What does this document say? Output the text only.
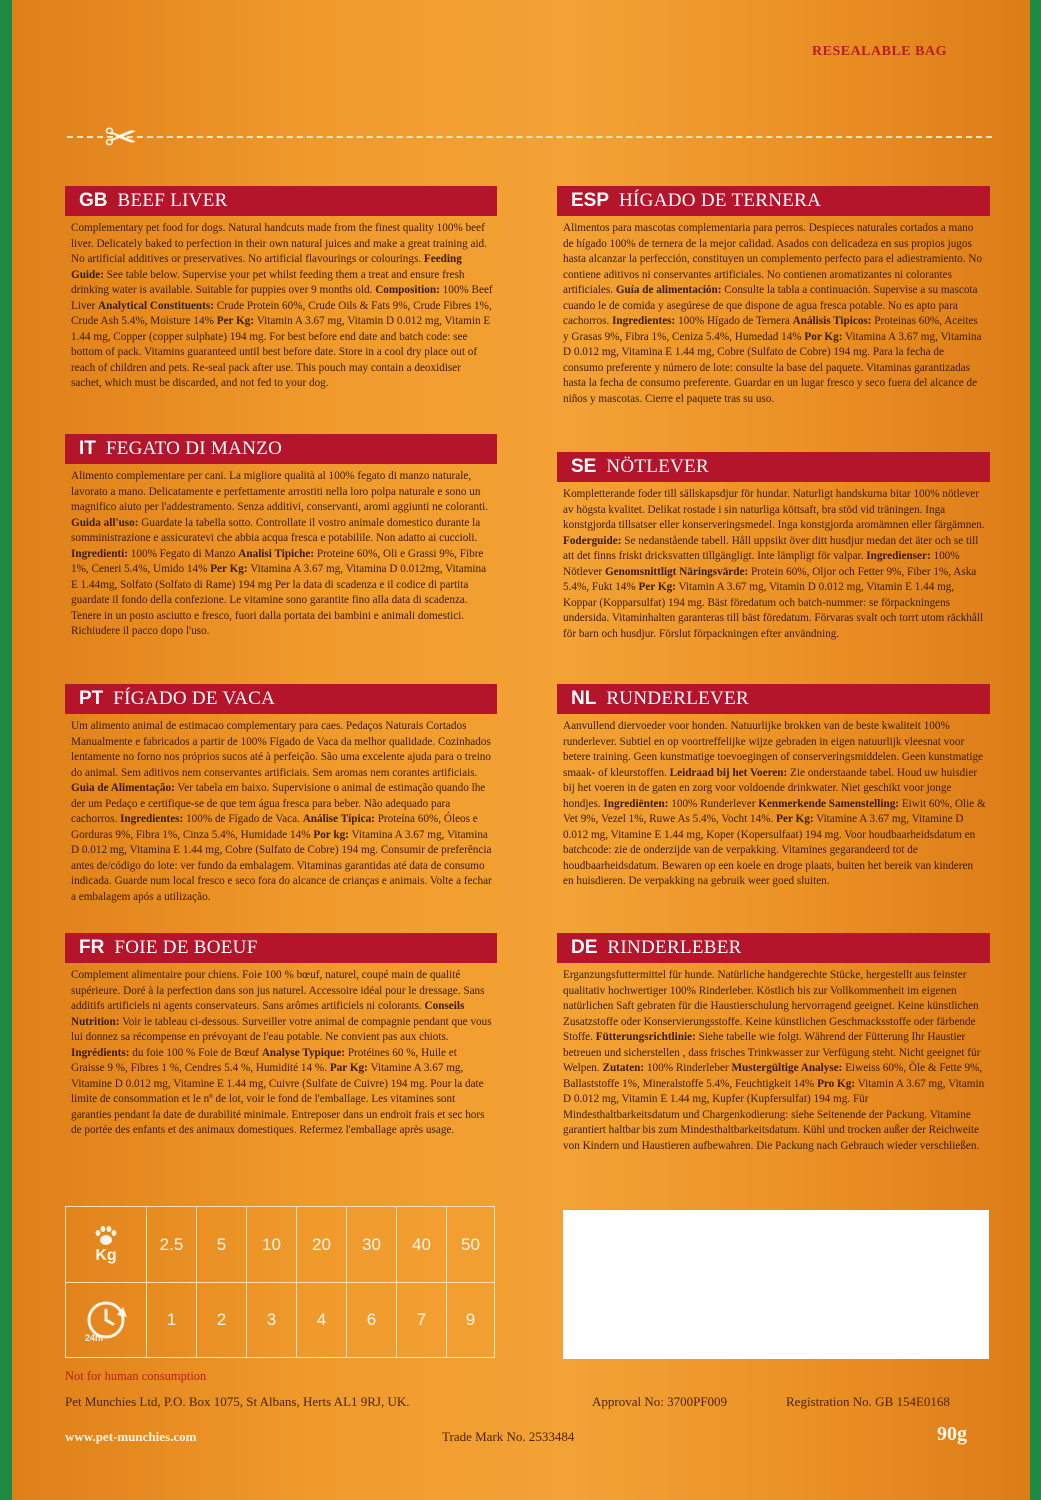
RESEALABLE BAG
✂
GB BEEF LIVER
Complementary pet food for dogs. Natural handcuts made from the finest quality 100% beef liver. Delicately baked to perfection in their own natural juices and make a great training aid. No artificial additives or preservatives. No artificial flavourings or colourings. Feeding Guide: See table below. Supervise your pet whilst feeding them a treat and ensure fresh drinking water is available. Suitable for puppies over 9 months old. Composition: 100% Beef Liver Analytical Constituents: Crude Protein 60%, Crude Oils & Fats 9%, Crude Fibres 1%, Crude Ash 5.4%, Moisture 14% Per Kg: Vitamin A 3.67 mg, Vitamin D 0.012 mg, Vitamin E 1.44 mg, Copper (copper sulphate) 194 mg. For best before end date and batch code: see bottom of pack. Vitamins guaranteed until best before date. Store in a cool dry place out of reach of children and pets. Re-seal pack after use. This pouch may contain a deoxidiser sachet, which must be discarded, and not fed to your dog.
IT FEGATO DI MANZO
Alimento complementare per cani. La migliore qualità al 100% fegato di manzo naturale, lavorato a mano. Delicatamente e perfettamente arrostiti nella loro polpa naturale e sono un magnifico aiuto per l'addestramento. Senza additivi, conservanti, aromi aggiunti ne coloranti. Guida all'uso: Guardate la tabella sotto. Controllate il vostro animale domestico durante la somministrazione e assicuratevi che abbia acqua fresca e potabilile. Non adatto ai cuccioli. Ingredienti: 100% Fegato di Manzo Analisi Tipiche: Proteine 60%, Oli e Grassi 9%, Fibre 1%, Ceneri 5.4%, Umido 14% Per Kg: Vitamina A 3.67 mg, Vitamina D 0.012mg, Vitamina E 1.44mg, Solfato (Solfato di Rame) 194 mg Per la data di scadenza e il codice di partita guardate il fondo della confezione. Le vitamine sono garantite fino alla data di scadenza. Tenere in un posto asciutto e fresco, fuori dalla portata dei bambini e animali domestici. Richiudere il pacco dopo l'uso.
PT FÍGADO DE VACA
Um alimento animal de estimacao complementary para caes. Pedaços Naturais Cortados Manualmente e fabricados a partir de 100% Fígado de Vaca da melhor qualidade. Cozinhados lentamente no forno nos próprios sucos até à perfeição. São uma excelente ajuda para o treino do animal. Sem aditivos nem conservantes artificiais. Sem aromas nem corantes artificiais. Guia de Alimentação: Ver tabela em baixo. Supervisione o animal de estimação quando lhe der um Pedaço e certifique-se de que tem água fresca para beber. Não adequado para cachorros. Ingredientes: 100% de Fígado de Vaca. Análise Típica: Proteína 60%, Óleos e Gorduras 9%, Fibra 1%, Cinza 5.4%, Humidade 14% Por kg: Vitamina A 3.67 mg, Vitamina D 0.012 mg, Vitamina E 1.44 mg, Cobre (Sulfato de Cobre) 194 mg. Consumir de preferência antes de/código do lote: ver fundo da embalagem. Vitaminas garantidas até data de consumo indicada. Guarde num local fresco e seco fora do alcance de crianças e animais. Volte a fechar a embalagem após a utilização.
FR FOIE DE BOEUF
Complement alimentaire pour chiens. Foie 100 % bœuf, naturel, coupé main de qualité supérieure. Doré à la perfection dans son jus naturel. Accessoire idéal pour le dressage. Sans additifs artificiels ni agents conservateurs. Sans arômes artificiels ni colorants. Conseils Nutrition: Voir le tableau ci-dessous. Surveiller votre animal de compagnie pendant que vous lui donnez sa récompense en prévoyant de l'eau potable. Ne convient pas aux chiots. Ingrédients: du foie 100 % Foie de Bœuf Analyse Typique: Protéines 60 %, Huile et Graisse 9 %, Fibres 1 %, Cendres 5.4 %, Humidité 14 %. Par Kg: Vitamine A 3.67 mg, Vitamine D 0.012 mg, Vitamine E 1.44 mg, Cuivre (Sulfate de Cuivre) 194 mg. Pour la date limite de consommation et le nº de lot, voir le fond de l'emballage. Les vitamines sont garanties pendant la date de durabilité minimale. Entreposer dans un endroit frais et sec hors de portée des enfants et des animaux domestiques. Refermez l'emballage après usage.
ESP HÍGADO DE TERNERA
Alimentos para mascotas complementaria para perros. Despieces naturales cortados a mano de hígado 100% de ternera de la mejor calidad. Asados con delicadeza en sus propios jugos hasta alcanzar la perfección, constituyen un complemento perfecto para el adiestramiento. No contiene aditivos ni conservantes artificiales. No contienen aromatizantes ni colorantes artificiales. Guía de alimentación: Consulte la tabla a continuación. Supervise a su mascota cuando le de comida y asegúrese de que dispone de agua fresca potable. No es apto para cachorros. Ingredientes: 100% Hígado de Ternera Análisis Tipicos: Proteinas 60%, Aceites y Grasas 9%, Fibra 1%, Ceniza 5.4%, Humedad 14% Por Kg: Vitamina A 3.67 mg, Vitamina D 0.012 mg, Vitamina E 1.44 mg, Cobre (Sulfato de Cobre) 194 mg. Para la fecha de consumo preferente y número de lote: consulte la base del paquete. Vitaminas garantizadas hasta la fecha de consumo preferente. Guardar en un lugar fresco y seco fuera del alcance de niños y mascotas. Cierre el paquete tras su uso.
SE NÖTLEVER
Kompletterande foder till sällskapsdjur för hundar. Naturligt handskurna bitar 100% nötlever av högsta kvalitet. Delikat rostade i sin naturliga köttsaft, bra stöd vid träningen. Inga konstgjorda tillsatser eller konserveringsmedel. Inga konstgjorda aromämnen eller färgämnen. Foderguide: Se nedanstående tabell. Håll uppsikt över ditt husdjur medan det äter och se till att det finns friskt dricksvatten tillgängligt. Inte lämpligt för valpar. Ingredienser: 100% Nötlever Genomsnittligt Näringsvärde: Protein 60%, Oljor och Fetter 9%, Fiber 1%, Aska 5.4%, Fukt 14% Per Kg: Vitamin A 3.67 mg, Vitamin D 0.012 mg, Vitamin E 1.44 mg, Koppar (Kopparsulfat) 194 mg. Bäst föredatum och batch-nummer: se förpackningens undersida. Vitaminhalten garanteras till bäst föredatum. Förvaras svalt och torrt utom räckhåll för barn och husdjur. Förslut förpackningen efter användning.
NL RUNDERLEVER
Aanvullend diervoeder voor honden. Natuurlijke brokken van de beste kwaliteit 100% runderlever. Subtiel en op voortreffelijke wijze gebraden in eigen natuurlijk vleesnat voor betere training. Geen kunstmatige toevoegingen of conserveringsmiddelen. Geen kunstmatige smaak- of kleurstoffen. Leidraad bij het Voeren: Zie onderstaande tabel. Houd uw huisdier bij het voeren in de gaten en zorg voor voldoende drinkwater. Niet geschikt voor jonge hondjes. Ingrediënten: 100% Runderlever Kenmerkende Samenstelling: Eiwit 60%, Olie & Vet 9%, Vezel 1%, Ruwe As 5.4%, Vocht 14%. Per Kg: Vitamine A 3.67 mg, Vitamine D 0.012 mg, Vitamine E 1.44 mg, Koper (Kopersulfaat) 194 mg. Voor houdbaarheidsdatum en batchcode: zie de onderzijde van de verpakking. Vitamines gegarandeerd tot de houdbaarheidsdatum. Bewaren op een koele en droge plaats, buiten het bereik van kinderen en huisdieren. De verpakking na gebruik weer goed sluiten.
DE RINDERLEBER
Erganzungsfuttermittel für hunde. Natürliche handgerechte Stücke, hergestellt aus feinster qualitativ hochwertiger 100% Rinderleber. Köstlich bis zur Vollkommenheit im eigenen natürlichen Saft gebraten für die Haustierschulung hervorragend geeignet. Keine künstlichen Zusatzstoffe oder Konservierungsstoffe. Keine künstlichen Geschmacksstoffe oder färbende Stoffe. Fütterungsrichtlinie: Siehe tabelle wie folgt. Während der Fütterung Ihr Haustier betreuen und sicherstellen , dass frisches Trinkwasser zur Verfügung steht. Nicht geeignet für Welpen. Zutaten: 100% Rinderleber Mustergültige Analyse: Eiweiss 60%, Öle & Fette 9%, Ballaststoffe 1%, Mineralstoffe 5.4%, Feuchtigkeit 14% Pro Kg: Vitamin A 3.67 mg, Vitamin D 0.012 mg, Vitamin E 1.44 mg, Kupfer (Kupfersulfat) 194 mg. Für Mindesthaltbarkeitsdatum und Chargenkodierung: siehe Seitenende der Packung. Vitamine garantiert haltbar bis zum Mindesthaltbarkeitsdatum. Kühl und trocken außer der Reichweite von Kindern und Haustieren aufbewahren. Die Packung nach Gebrauch wieder verschließen.
Kg
2.5	5	10	20	30	40	50
24hr
1	2	3	4	6	7	9
Not for human consumption
Pet Munchies Ltd, P.O. Box 1075, St Albans, Herts AL1 9RJ, UK.	Approval No: 3700PF009	Registration No. GB 154E0168
www.pet-munchies.com	Trade Mark No. 2533484	90g
